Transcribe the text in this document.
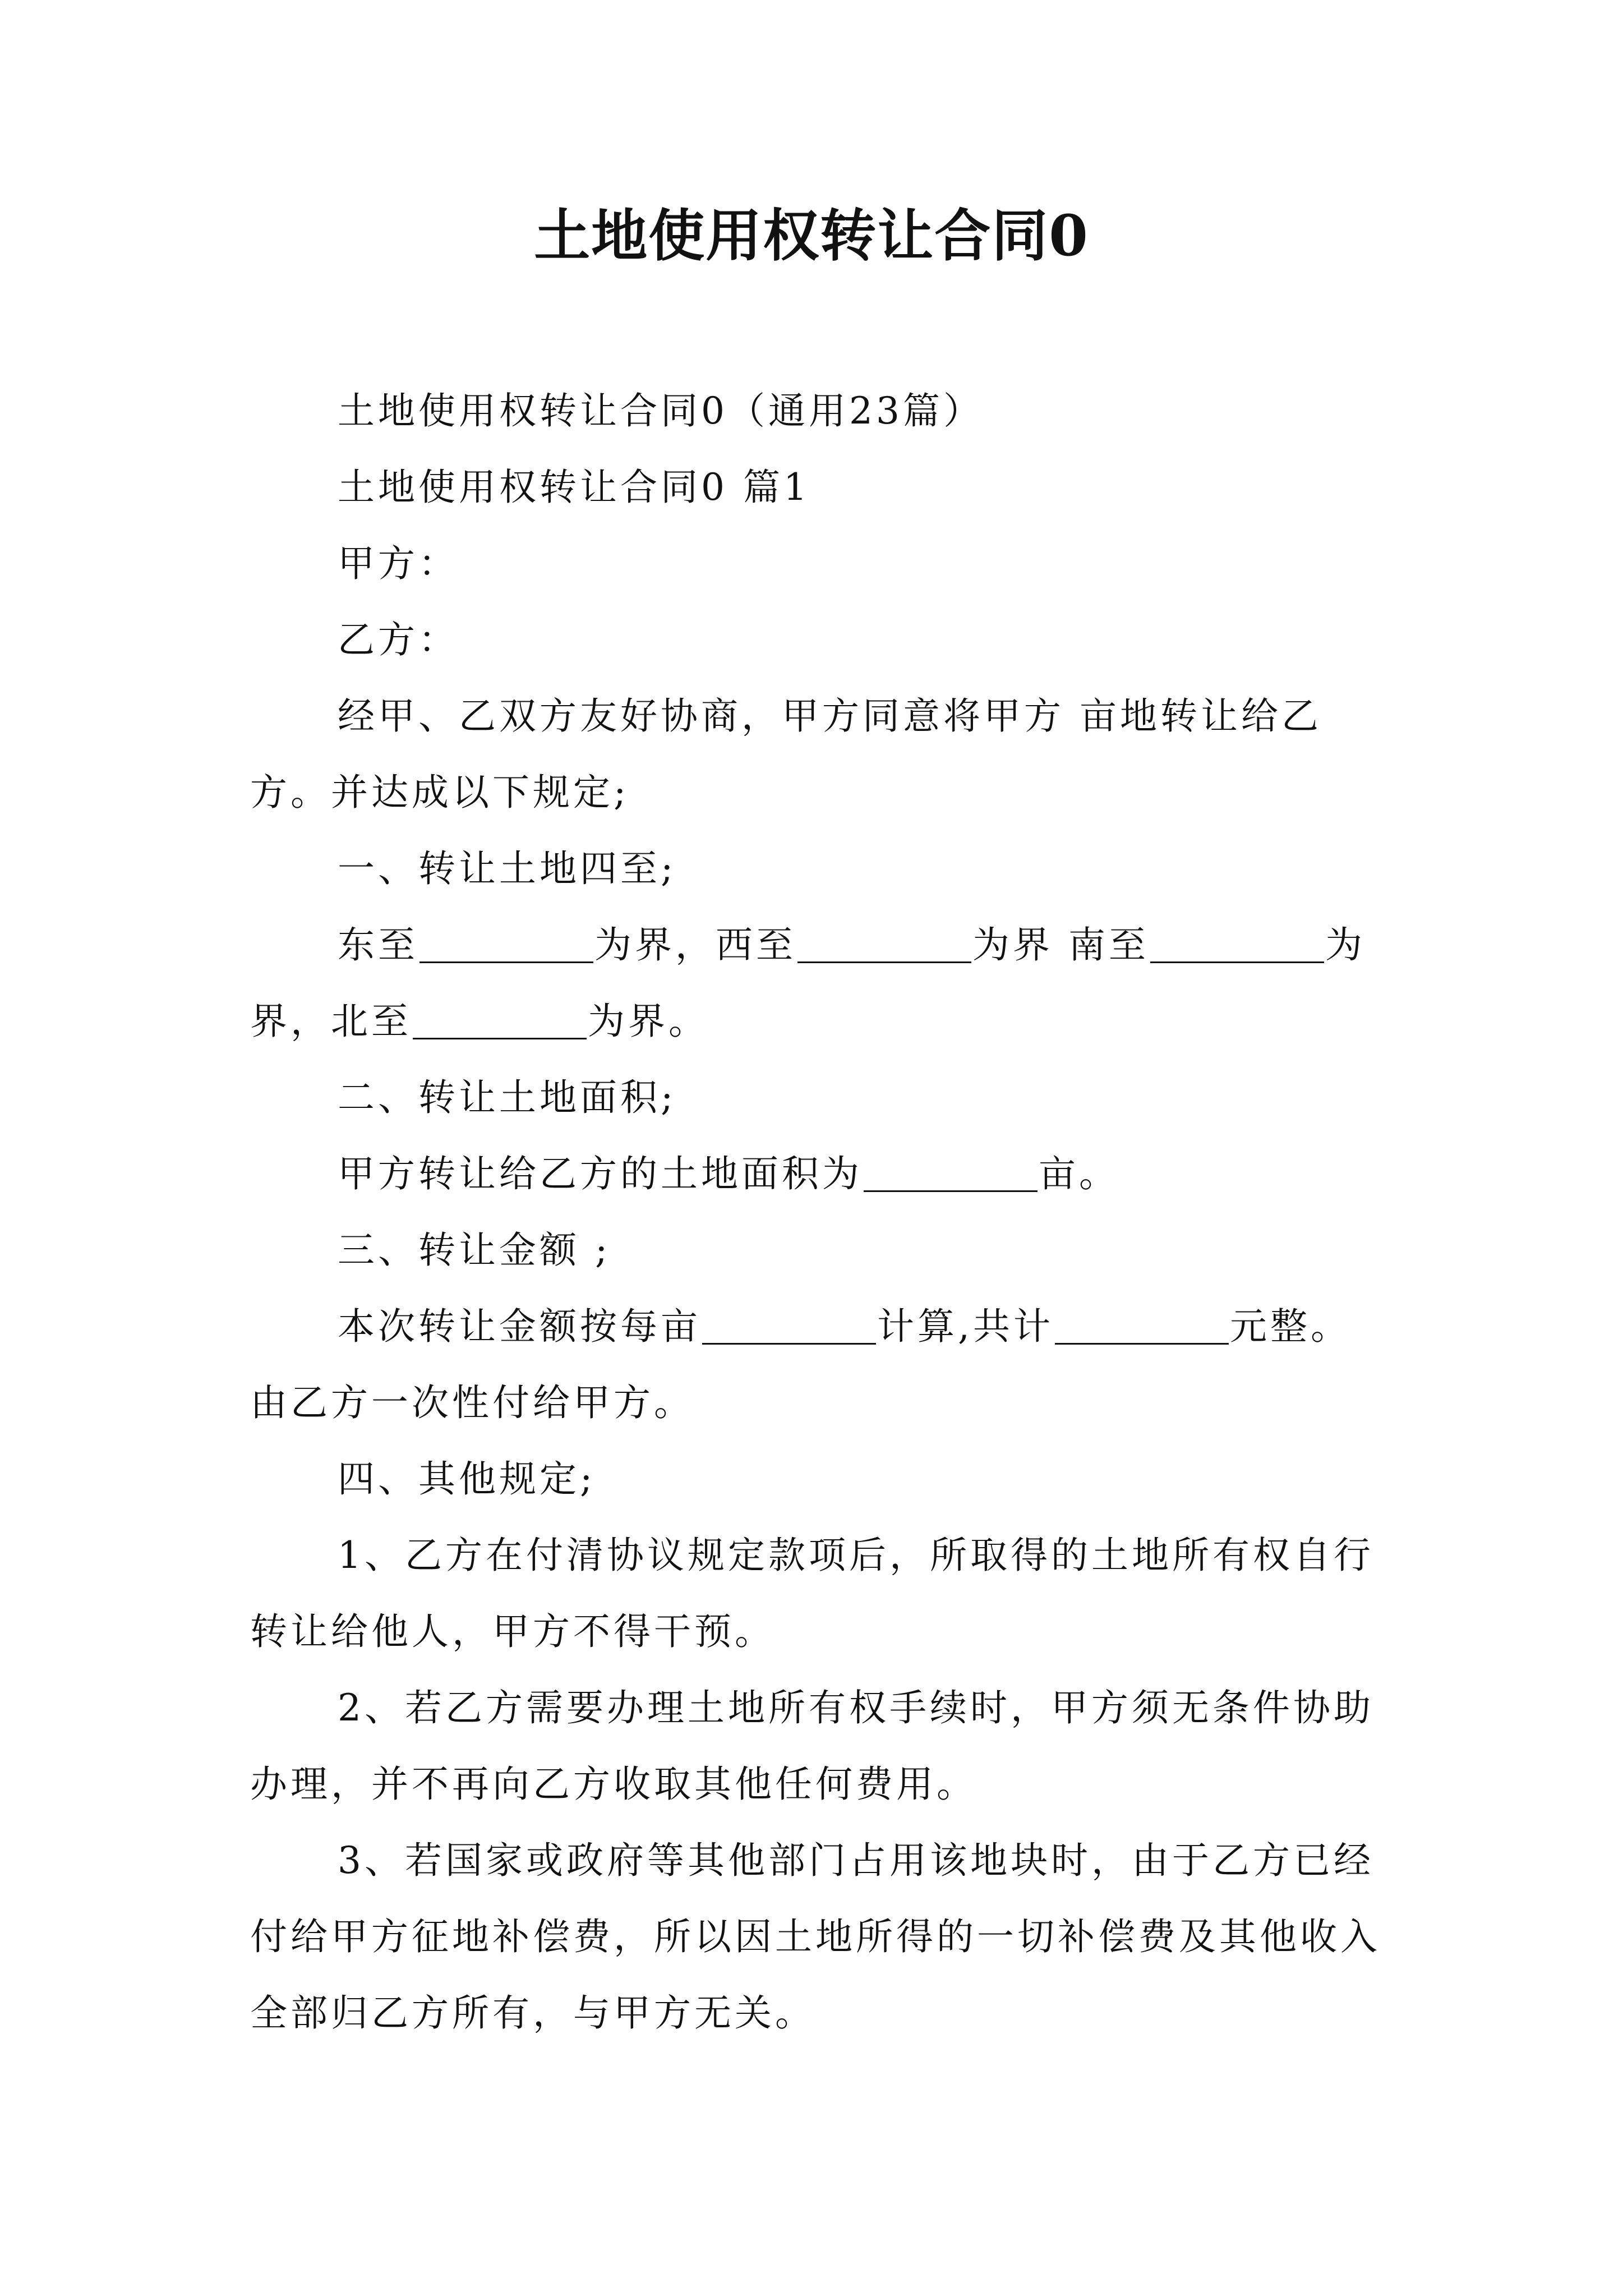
土地使用权转让合同0

土地使用权转让合同0（通用23篇）

土地使用权转让合同0 篇1

甲方：

乙方：

经甲、乙双方友好协商，甲方同意将甲方 亩地转让给乙方。并达成以下规定;

一、转让土地四至;

东至	为界，西至	为界 南至	为界，北至	为界。

二、转让土地面积;

甲方转让给乙方的土地面积为	亩。

三、转让金额 ;

本次转让金额按每亩	计算,共计	元整。由乙方一次性付给甲方。

四、其他规定;

1、乙方在付清协议规定款项后，所取得的土地所有权自行转让给他人，甲方不得干预。

2、若乙方需要办理土地所有权手续时，甲方须无条件协助办理，并不再向乙方收取其他任何费用。

3、若国家或政府等其他部门占用该地块时，由于乙方已经付给甲方征地补偿费，所以因土地所得的一切补偿费及其他收入全部归乙方所有，与甲方无关。
